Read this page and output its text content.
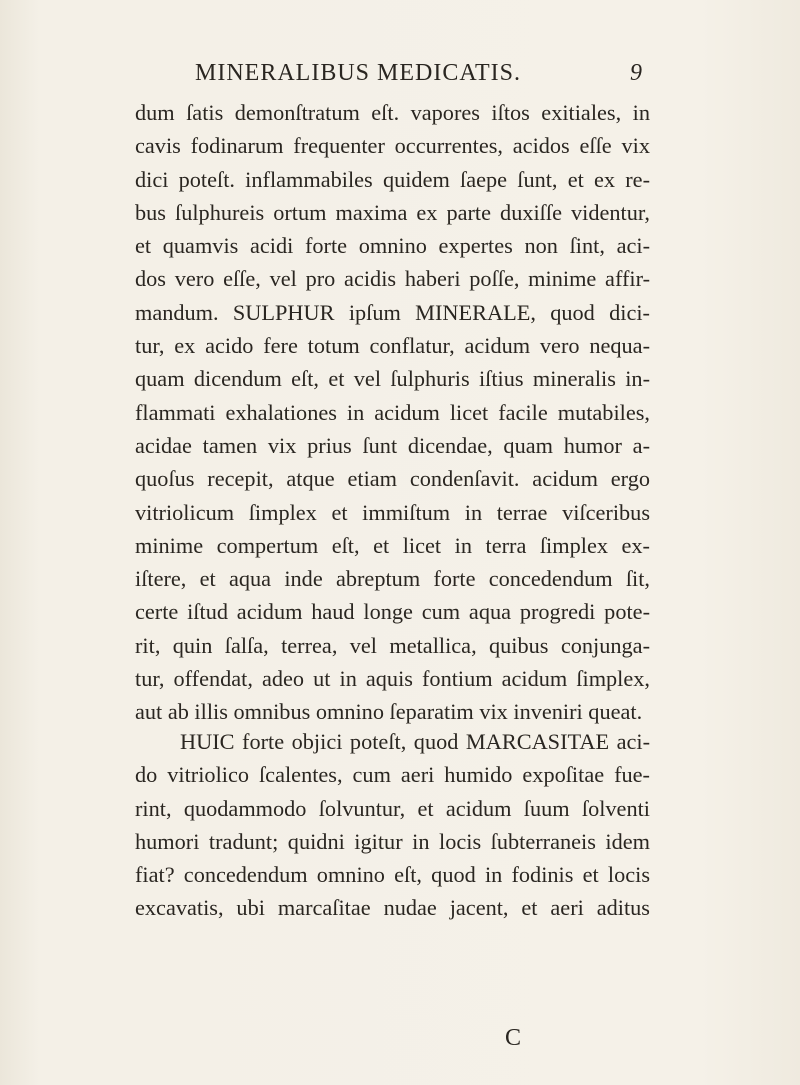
MINERALIBUS MEDICATIS.	9
dum ſatis demonſtratum eſt. vapores iſtos exitiales, in
cavis fodinarum frequenter occurrentes, acidos eſſe vix
dici poteſt. inflammabiles quidem ſaepe ſunt, et ex re-
bus ſulphureis ortum maxima ex parte duxiſſe videntur,
et quamvis acidi forte omnino expertes non ſint, aci-
dos vero eſſe, vel pro acidis haberi poſſe, minime affir-
mandum. SULPHUR ipſum MINERALE, quod dici-
tur, ex acido fere totum conflatur, acidum vero nequa-
quam dicendum eſt, et vel ſulphuris iſtius mineralis in-
flammati exhalationes in acidum licet facile mutabiles,
acidae tamen vix prius ſunt dicendae, quam humor a-
quoſus recepit, atque etiam condenſavit. acidum ergo
vitriolicum ſimplex et immiſtum in terrae viſceribus
minime compertum eſt, et licet in terra ſimplex ex-
iſtere, et aqua inde abreptum forte concedendum ſit,
certe iſtud acidum haud longe cum aqua progredi pote-
rit, quin ſalſa, terrea, vel metallica, quibus conjunga-
tur, offendat, adeo ut in aquis fontium acidum ſimplex,
aut ab illis omnibus omnino ſeparatim vix inveniri queat.
HUIC forte objici poteſt, quod MARCASITAE aci-
do vitriolico ſcalentes, cum aeri humido expoſitae fue-
rint, quodammodo ſolvuntur, et acidum ſuum ſolventi
humori tradunt; quidni igitur in locis ſubterraneis idem
fiat? concedendum omnino eſt, quod in fodinis et locis
excavatis, ubi marcaſitae nudae jacent, et aeri aditus
C
